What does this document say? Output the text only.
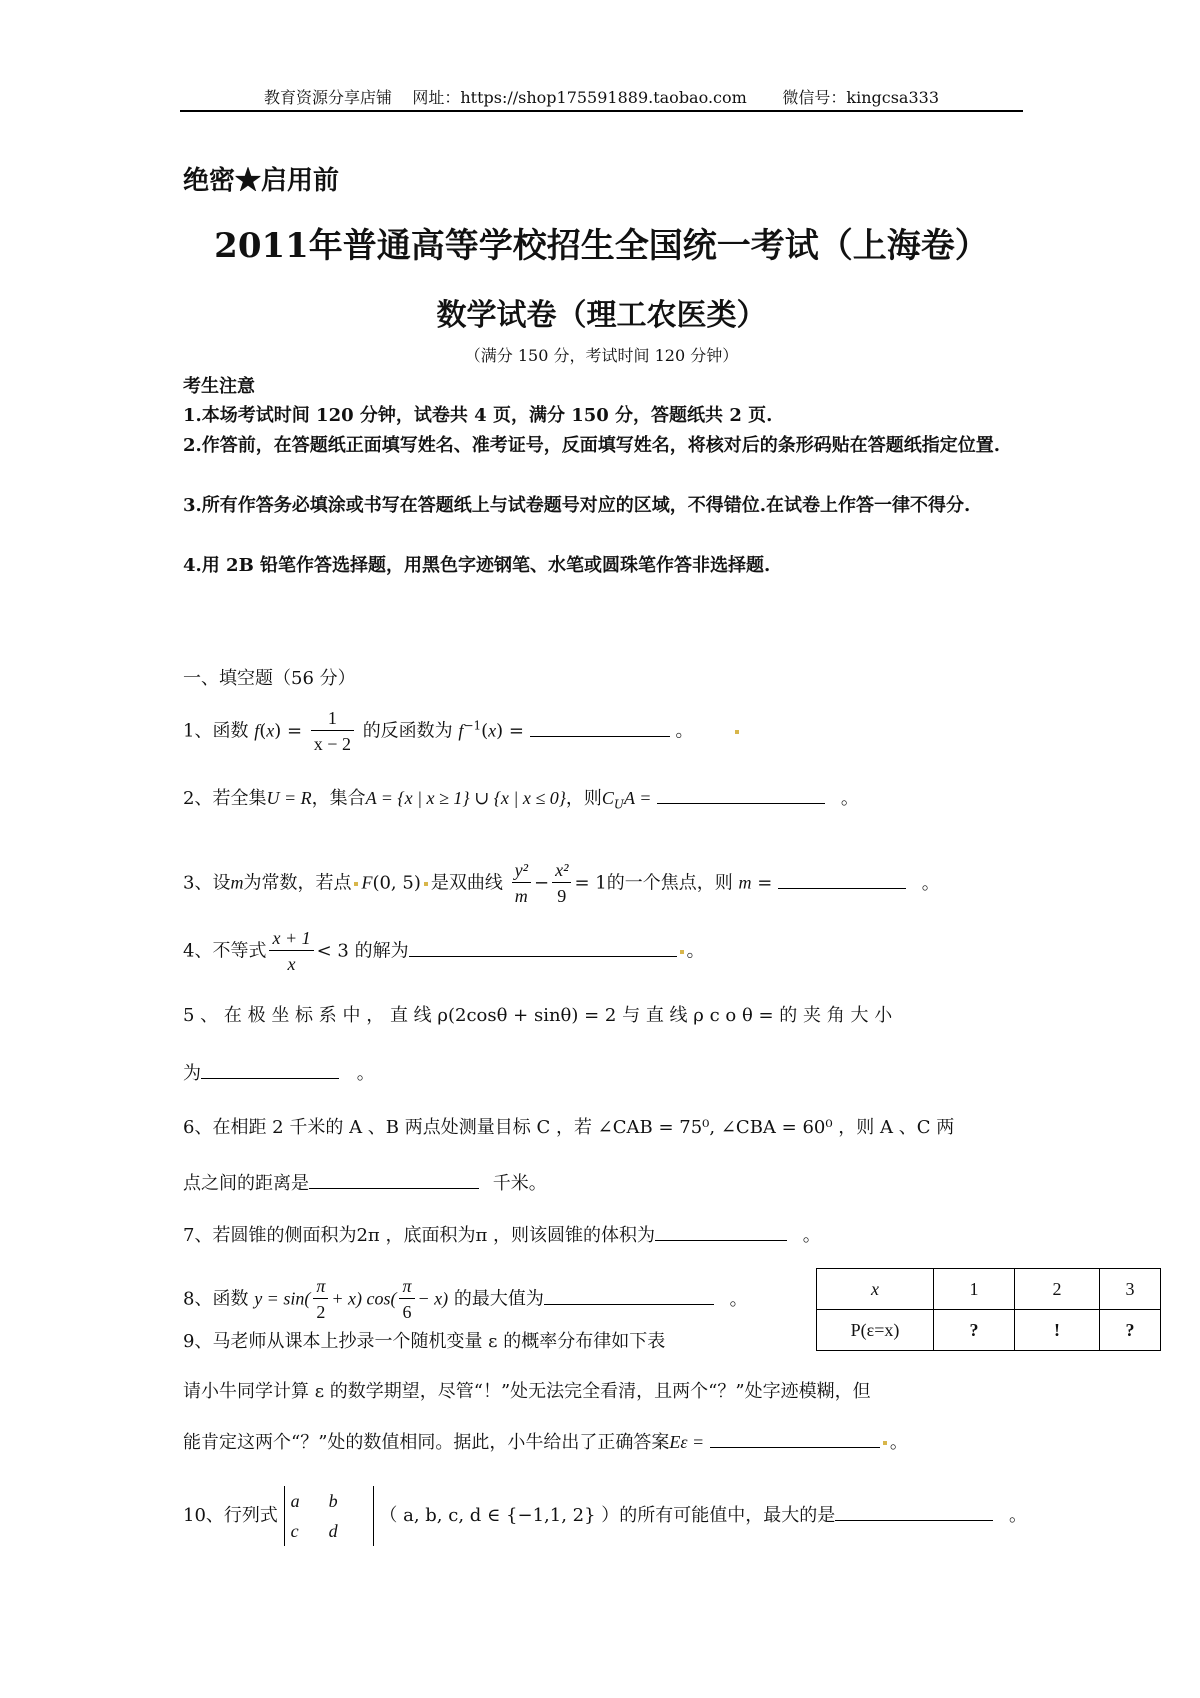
教育资源分享店铺    网址：https://shop175591889.taobao.com       微信号：kingcsa333
绝密★启用前
2011年普通高等学校招生全国统一考试（上海卷）
数学试卷（理工农医类）
（满分 150 分，考试时间 120 分钟）
考生注意
1.本场考试时间 120 分钟，试卷共 4 页，满分 150 分，答题纸共 2 页.
2.作答前，在答题纸正面填写姓名、准考证号，反面填写姓名，将核对后的条形码贴在答题纸指定位置.
3.所有作答务必填涂或书写在答题纸上与试卷题号对应的区域，不得错位.在试卷上作答一律不得分.
4.用 2B 铅笔作答选择题，用黑色字迹钢笔、水笔或圆珠笔作答非选择题.
一、填空题（56 分）
1、函数 $f(x) = \frac{1}{x - 2}$ 的反函数为 $f^{-1}(x)$ =	。
2、若全集U = R，集合A = {x | x ≥ 1} ∪ {x | x ≤ 0}，则$C_UA$ =	。
3、设m为常数，若点 F(0, 5) 是双曲线 $\frac{\text{y²}}{m} - \frac{\text{x²}}{9} = 1$的一个焦点，则 m =	。
4、不等式 $\frac{x + 1}{x} < 3$ 的解为	。
5 、 在 极 坐 标 系 中 ， 直 线 ρ(2cosθ + sinθ) = 2 与 直 线 ρ c o θ = 的 夹 角 大 小
为	。
6、在相距 2 千米的 A 、B 两点处测量目标 C ，若 ∠CAB = 75⁰, ∠CBA = 60⁰ ，则 A 、C 两
点之间的距离是	千米。
7、若圆锥的侧面积为2π ，底面积为π ，则该圆锥的体积为	。
8、函数 $y = \sin( \frac{\pi}{2} + x)$ $\cos( \frac{\pi}{6} - x)$ 的最大值为	。	x	1	2	3
P(ε=x)	?	!	?
9、马老师从课本上抄录一个随机变量 ε 的概率分布律如下表
请小牛同学计算 ε 的数学期望，尽管“！”处无法完全看清，且两个“？”处字迹模糊，但
能肯定这两个“？”处的数值相同。据此，小牛给出了正确答案Eε =	。
10、行列式
a b
c d
（ a, b, c, d ∈ {−1,1, 2} ）的所有可能值中，最大的是	。
